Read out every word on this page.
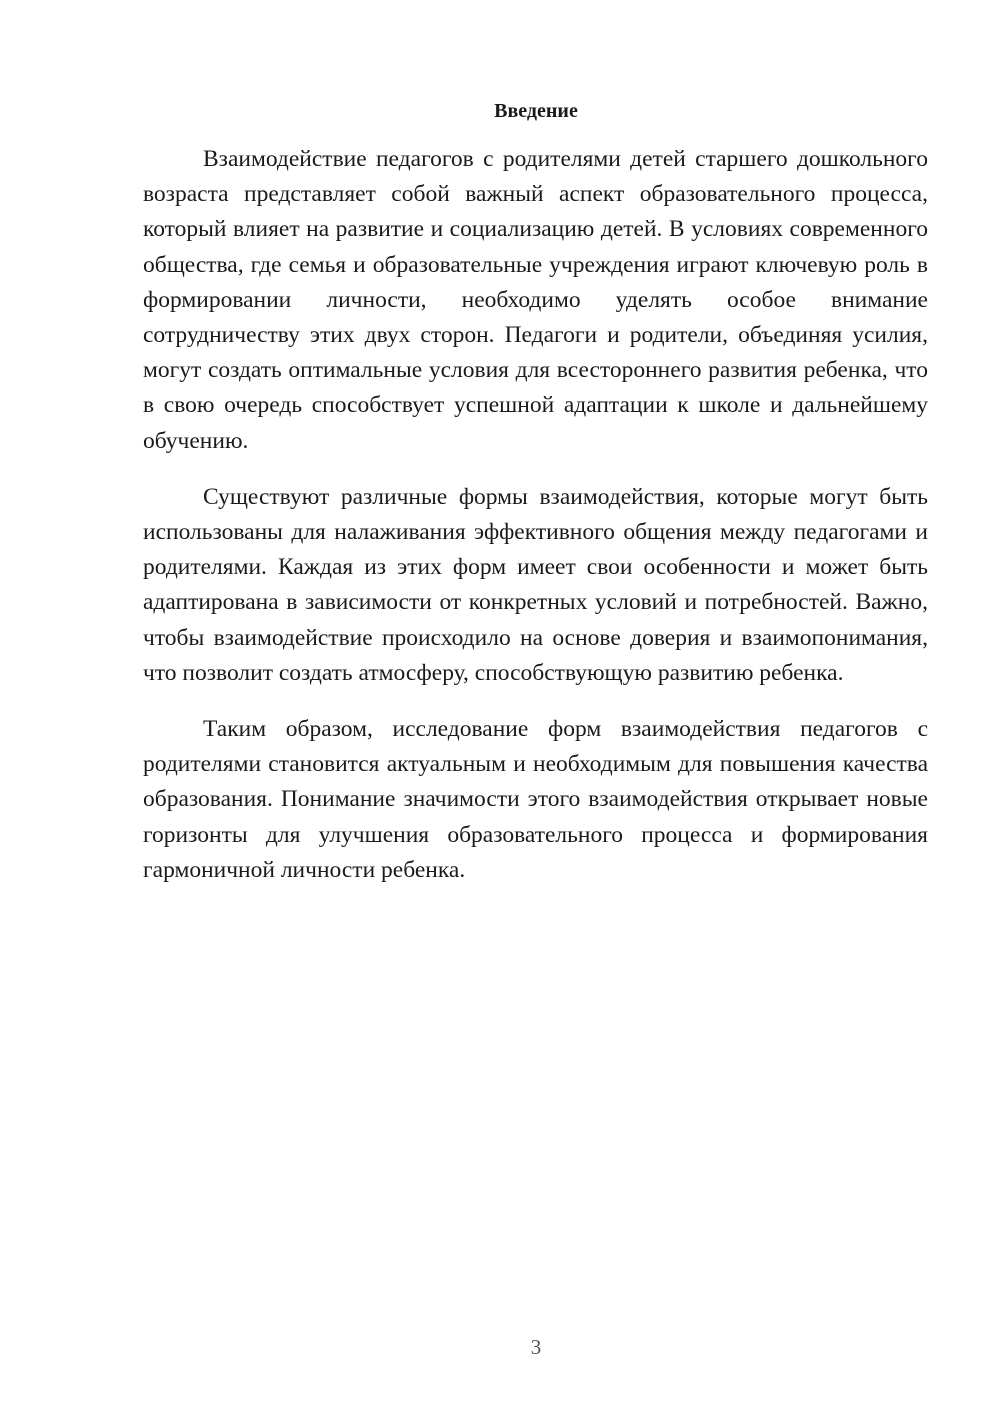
Введение

Взаимодействие педагогов с родителями детей старшего дошкольного возраста представляет собой важный аспект образовательного процесса, который влияет на развитие и социализацию детей. В условиях современного общества, где семья и образовательные учреждения играют ключевую роль в формировании личности, необходимо уделять особое внимание сотрудничеству этих двух сторон. Педагоги и родители, объединяя усилия, могут создать оптимальные условия для всестороннего развития ребенка, что в свою очередь способствует успешной адаптации к школе и дальнейшему обучению.

Существуют различные формы взаимодействия, которые могут быть использованы для налаживания эффективного общения между педагогами и родителями. Каждая из этих форм имеет свои особенности и может быть адаптирована в зависимости от конкретных условий и потребностей. Важно, чтобы взаимодействие происходило на основе доверия и взаимопонимания, что позволит создать атмосферу, способствующую развитию ребенка.

Таким образом, исследование форм взаимодействия педагогов с родителями становится актуальным и необходимым для повышения качества образования. Понимание значимости этого взаимодействия открывает новые горизонты для улучшения образовательного процесса и формирования гармоничной личности ребенка.

3
